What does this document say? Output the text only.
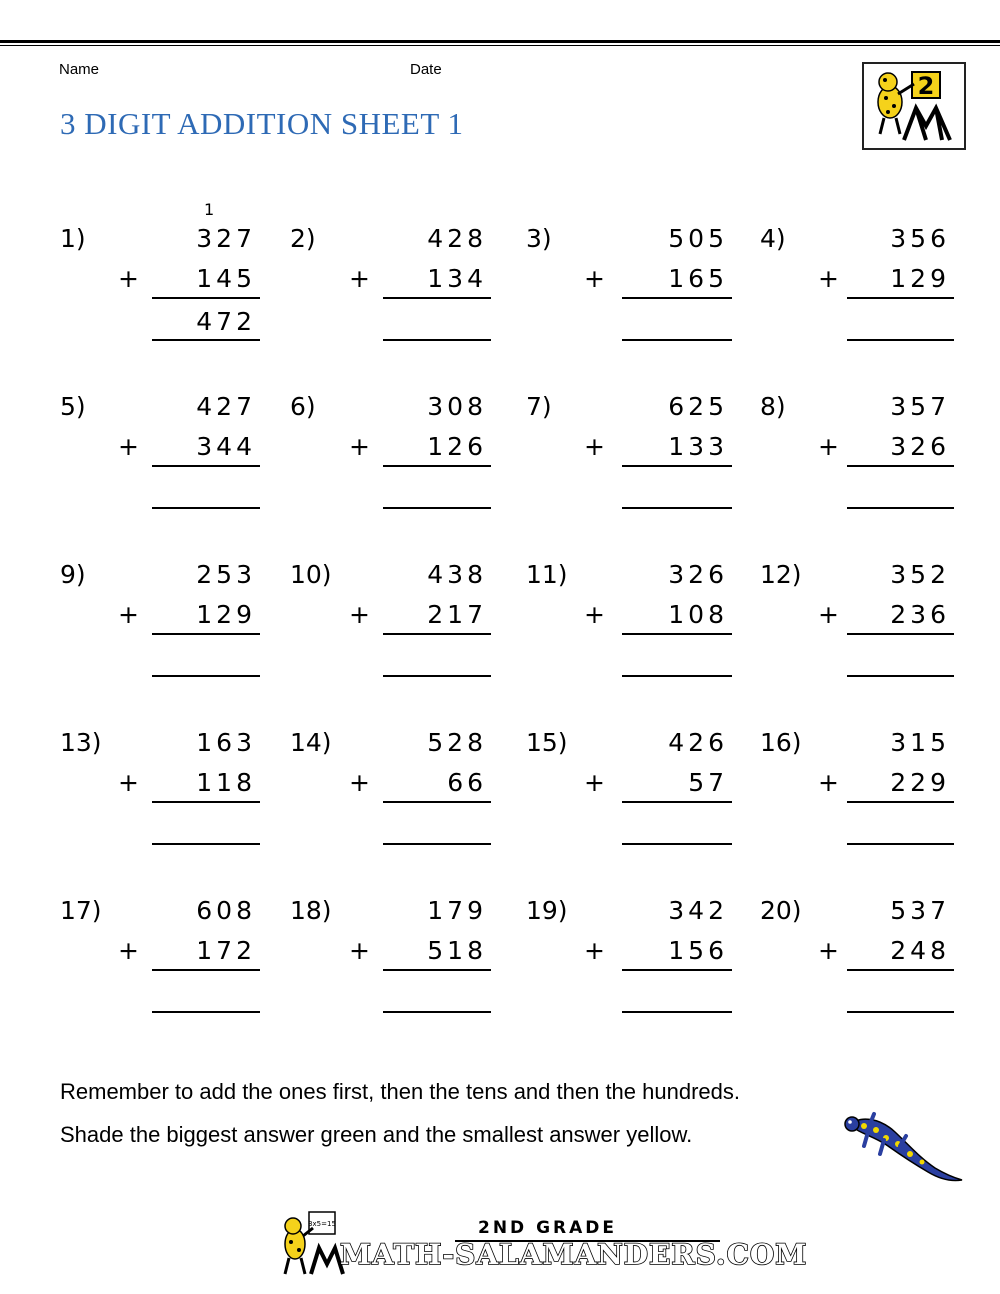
Name	Date
3 DIGIT ADDITION SHEET 1
2
1)
1
327
+	145
472
2)	428
+	134
3)	505
+	165
4)	356
+	129
5)	427
+	344
6)	308
+	126
7)	625
+	133
8)	357
+	326
9)	253
+	129
10)	438
+	217
11)	326
+	108
12)	352
+	236
13)	163
+	118
14)	528
+	66
15)	426
+	57
16)	315
+	229
17)	608
+	172
18)	179
+	518
19)	342
+	156
20)	537
+	248
Remember to add the ones first, then the tens and then the hundreds.
Shade the biggest answer green and the smallest answer yellow.
3x5=15	2ND GRADE
MATH-SALAMANDERS.COM
